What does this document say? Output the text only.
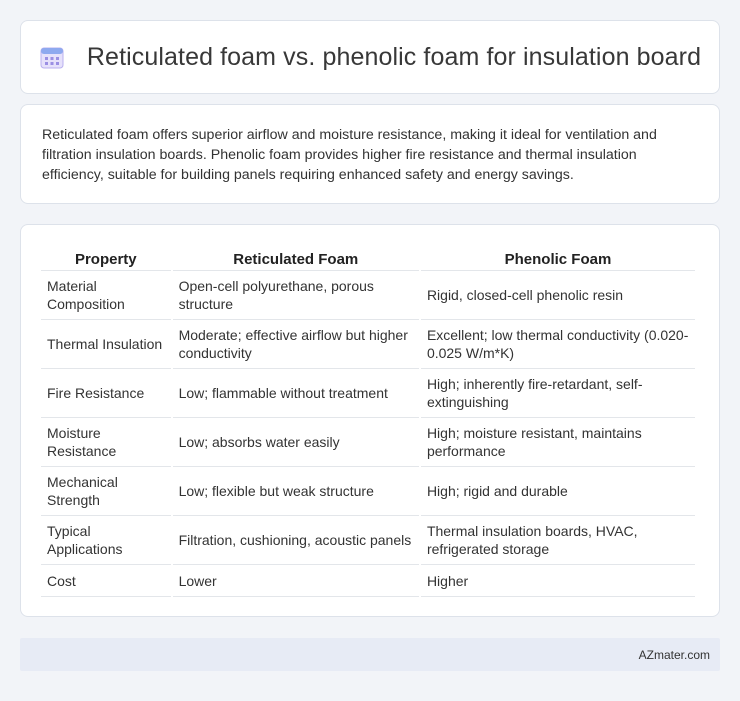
Reticulated foam vs. phenolic foam for insulation board

Reticulated foam offers superior airflow and moisture resistance, making it ideal for ventilation and filtration insulation boards. Phenolic foam provides higher fire resistance and thermal insulation efficiency, suitable for building panels requiring enhanced safety and energy savings.

Property	Reticulated Foam	Phenolic Foam
Material Composition	Open-cell polyurethane, porous structure	Rigid, closed-cell phenolic resin
Thermal Insulation	Moderate; effective airflow but higher conductivity	Excellent; low thermal conductivity (0.020-0.025 W/m*K)
Fire Resistance	Low; flammable without treatment	High; inherently fire-retardant, self-extinguishing
Moisture Resistance	Low; absorbs water easily	High; moisture resistant, maintains performance
Mechanical Strength	Low; flexible but weak structure	High; rigid and durable
Typical Applications	Filtration, cushioning, acoustic panels	Thermal insulation boards, HVAC, refrigerated storage
Cost	Lower	Higher
AZmater.com
